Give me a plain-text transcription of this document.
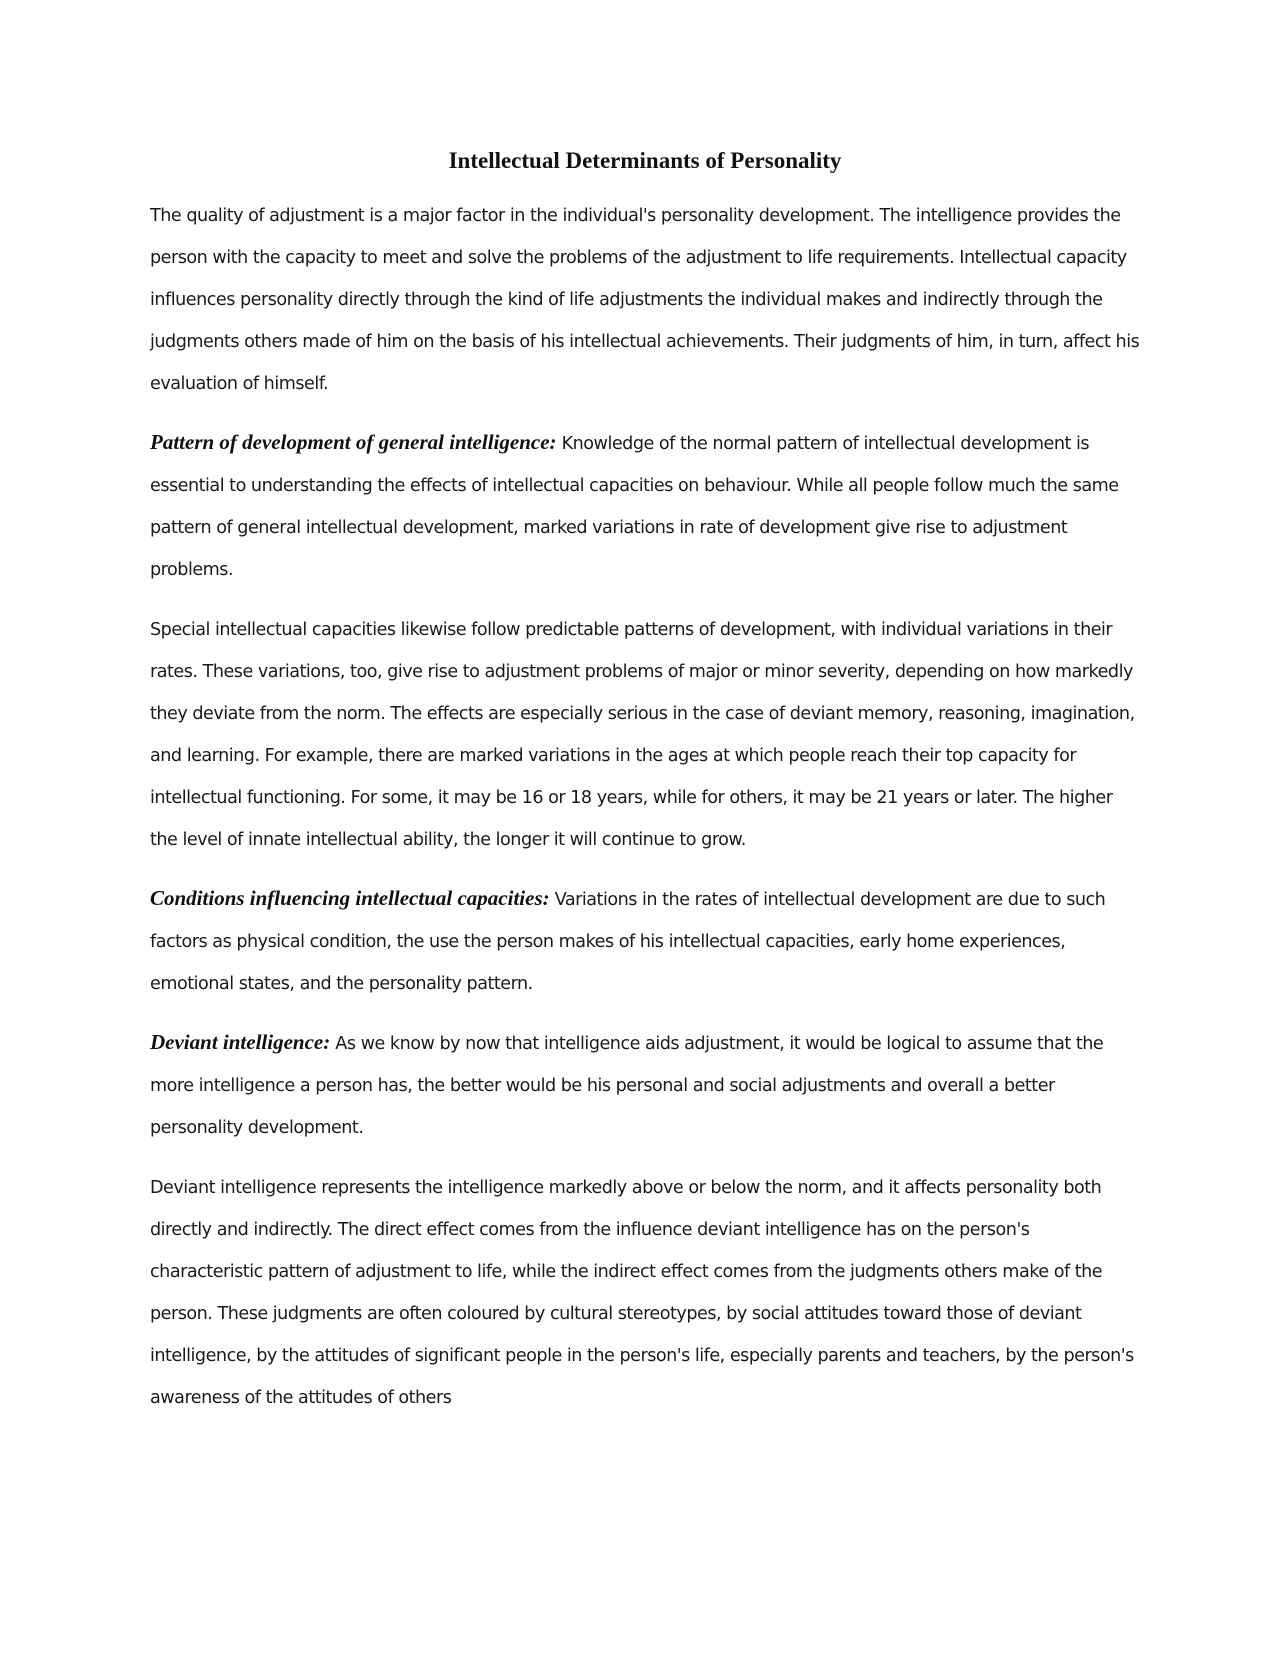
Intellectual Determinants of Personality

The quality of adjustment is a major factor in the individual's personality development. The intelligence provides the person with the capacity to meet and solve the problems of the adjustment to life requirements. Intellectual capacity influences personality directly through the kind of life adjustments the individual makes and indirectly through the judgments others made of him on the basis of his intellectual achievements. Their judgments of him, in turn, affect his evaluation of himself.

Pattern of development of general intelligence: Knowledge of the normal pattern of intellectual development is essential to understanding the effects of intellectual capacities on behaviour. While all people follow much the same pattern of general intellectual development, marked variations in rate of development give rise to adjustment problems.

Special intellectual capacities likewise follow predictable patterns of development, with individual variations in their rates. These variations, too, give rise to adjustment problems of major or minor severity, depending on how markedly they deviate from the norm. The effects are especially serious in the case of deviant memory, reasoning, imagination, and learning. For example, there are marked variations in the ages at which people reach their top capacity for intellectual functioning. For some, it may be 16 or 18 years, while for others, it may be 21 years or later. The higher the level of innate intellectual ability, the longer it will continue to grow.

Conditions influencing intellectual capacities: Variations in the rates of intellectual development are due to such factors as physical condition, the use the person makes of his intellectual capacities, early home experiences, emotional states, and the personality pattern.

Deviant intelligence: As we know by now that intelligence aids adjustment, it would be logical to assume that the more intelligence a person has, the better would be his personal and social adjustments and overall a better personality development.

Deviant intelligence represents the intelligence markedly above or below the norm, and it affects personality both directly and indirectly. The direct effect comes from the influence deviant intelligence has on the person's characteristic pattern of adjustment to life, while the indirect effect comes from the judgments others make of the person. These judgments are often coloured by cultural stereotypes, by social attitudes toward those of deviant intelligence, by the attitudes of significant people in the person's life, especially parents and teachers, by the person's awareness of the attitudes of others
